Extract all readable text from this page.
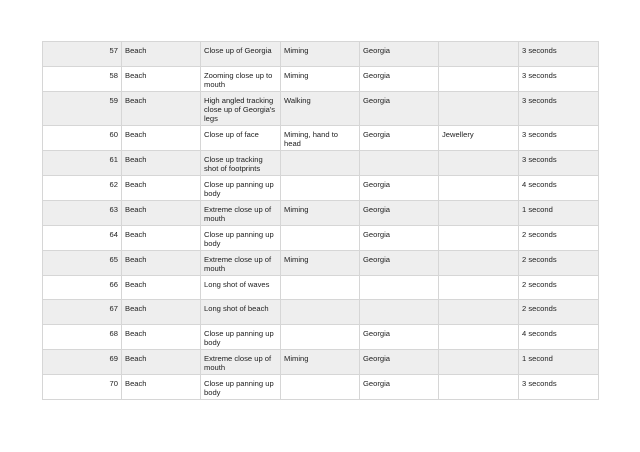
57	Beach	Close up of Georgia	Miming	Georgia		3 seconds
58	Beach	Zooming close up to mouth	Miming	Georgia		3 seconds
59	Beach	High angled tracking close up of Georgia's legs	Walking	Georgia		3 seconds
60	Beach	Close up of face	Miming, hand to head	Georgia	Jewellery	3 seconds
61	Beach	Close up tracking shot of footprints				3 seconds
62	Beach	Close up panning up body		Georgia		4 seconds
63	Beach	Extreme close up of mouth	Miming	Georgia		1 second
64	Beach	Close up panning up body		Georgia		2 seconds
65	Beach	Extreme close up of mouth	Miming	Georgia		2 seconds
66	Beach	Long shot of waves				2 seconds
67	Beach	Long shot of beach				2 seconds
68	Beach	Close up panning up body		Georgia		4 seconds
69	Beach	Extreme close up of mouth	Miming	Georgia		1 second
70	Beach	Close up panning up body		Georgia		3 seconds
